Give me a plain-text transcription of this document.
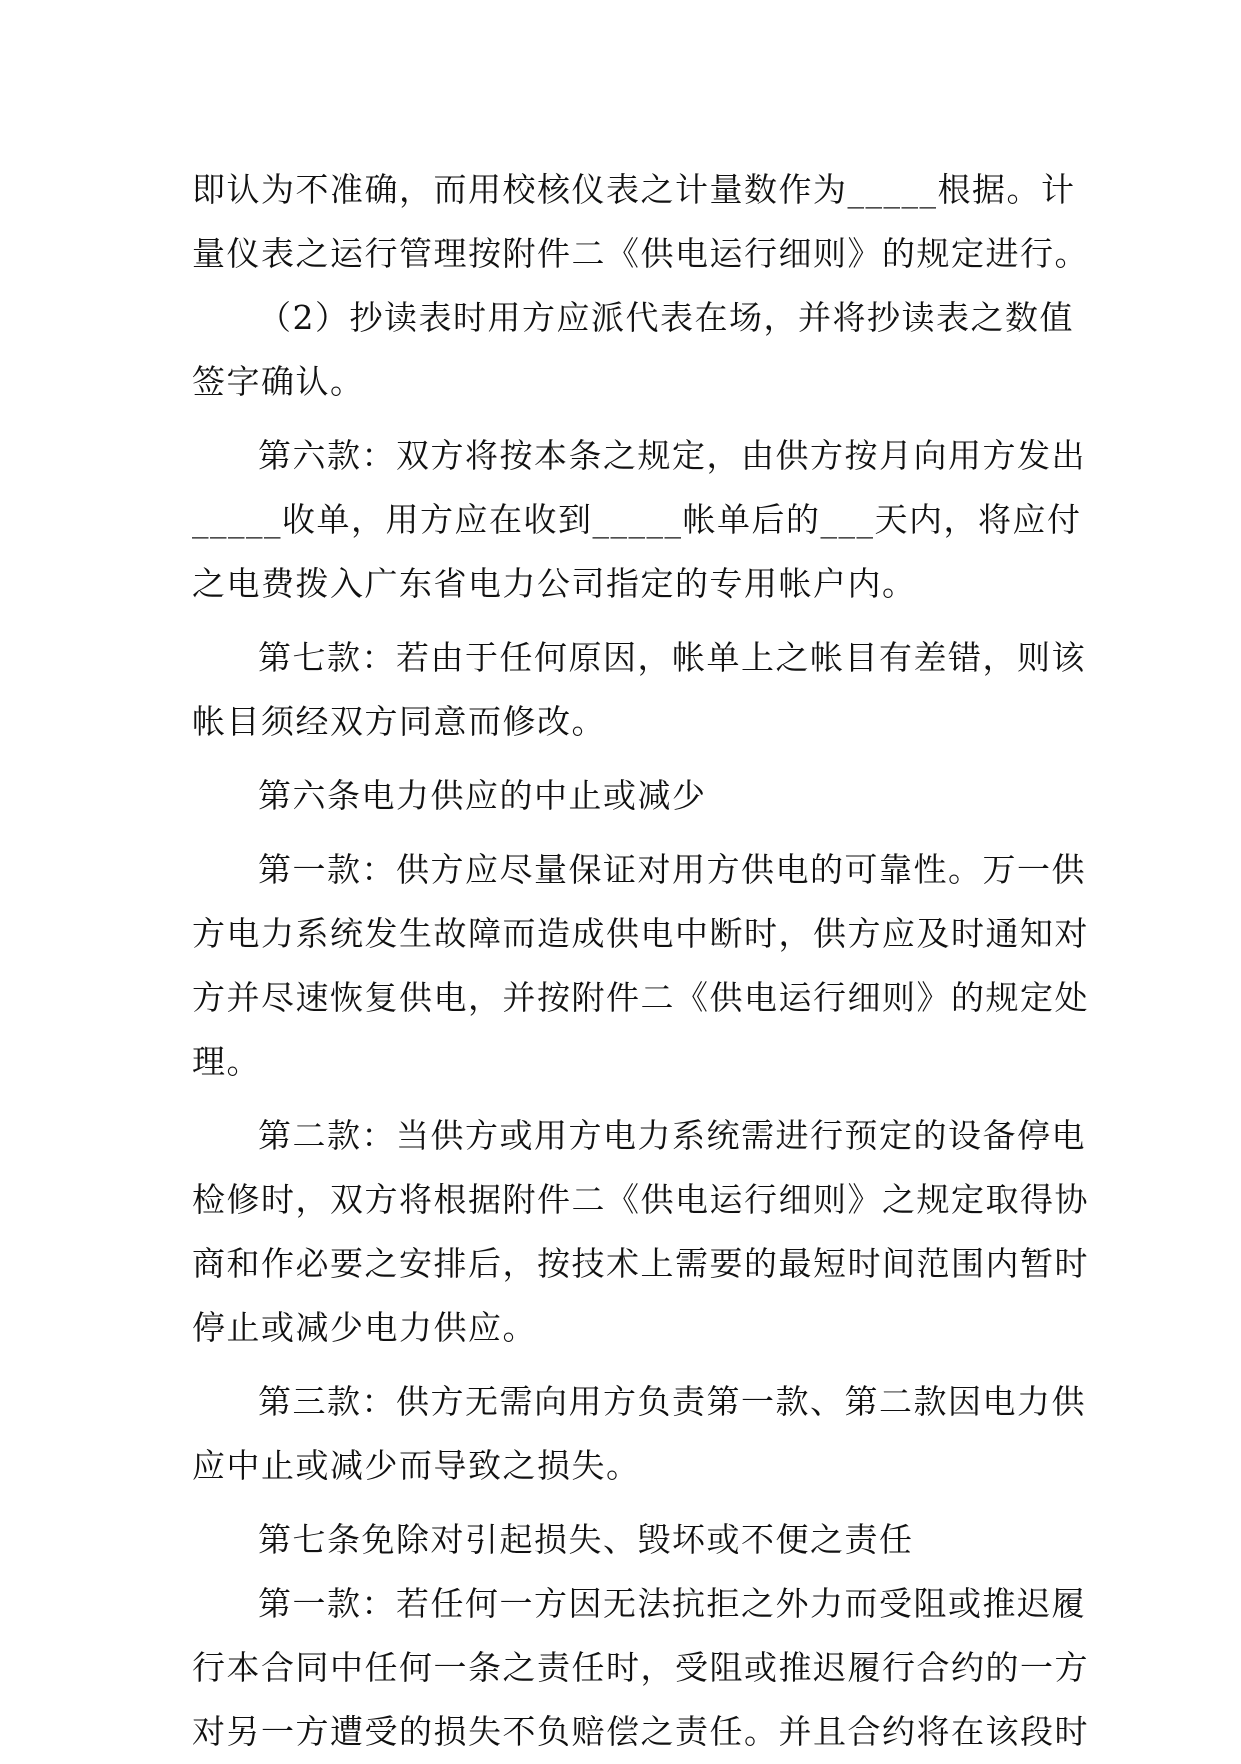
即认为不准确，而用校核仪表之计量数作为_____根据。计
量仪表之运行管理按附件二《供电运行细则》的规定进行。
（2）抄读表时用方应派代表在场，并将抄读表之数值
签字确认。
第六款：双方将按本条之规定，由供方按月向用方发出
_____收单，用方应在收到_____帐单后的___天内，将应付
之电费拨入广东省电力公司指定的专用帐户内。
第七款：若由于任何原因，帐单上之帐目有差错，则该
帐目须经双方同意而修改。
第六条电力供应的中止或减少
第一款：供方应尽量保证对用方供电的可靠性。万一供
方电力系统发生故障而造成供电中断时，供方应及时通知对
方并尽速恢复供电，并按附件二《供电运行细则》的规定处
理。
第二款：当供方或用方电力系统需进行预定的设备停电
检修时，双方将根据附件二《供电运行细则》之规定取得协
商和作必要之安排后，按技术上需要的最短时间范围内暂时
停止或减少电力供应。
第三款：供方无需向用方负责第一款、第二款因电力供
应中止或减少而导致之损失。
第七条免除对引起损失、毁坏或不便之责任
第一款：若任何一方因无法抗拒之外力而受阻或推迟履
行本合同中任何一条之责任时，受阻或推迟履行合约的一方
对另一方遭受的损失不负赔偿之责任。并且合约将在该段时
